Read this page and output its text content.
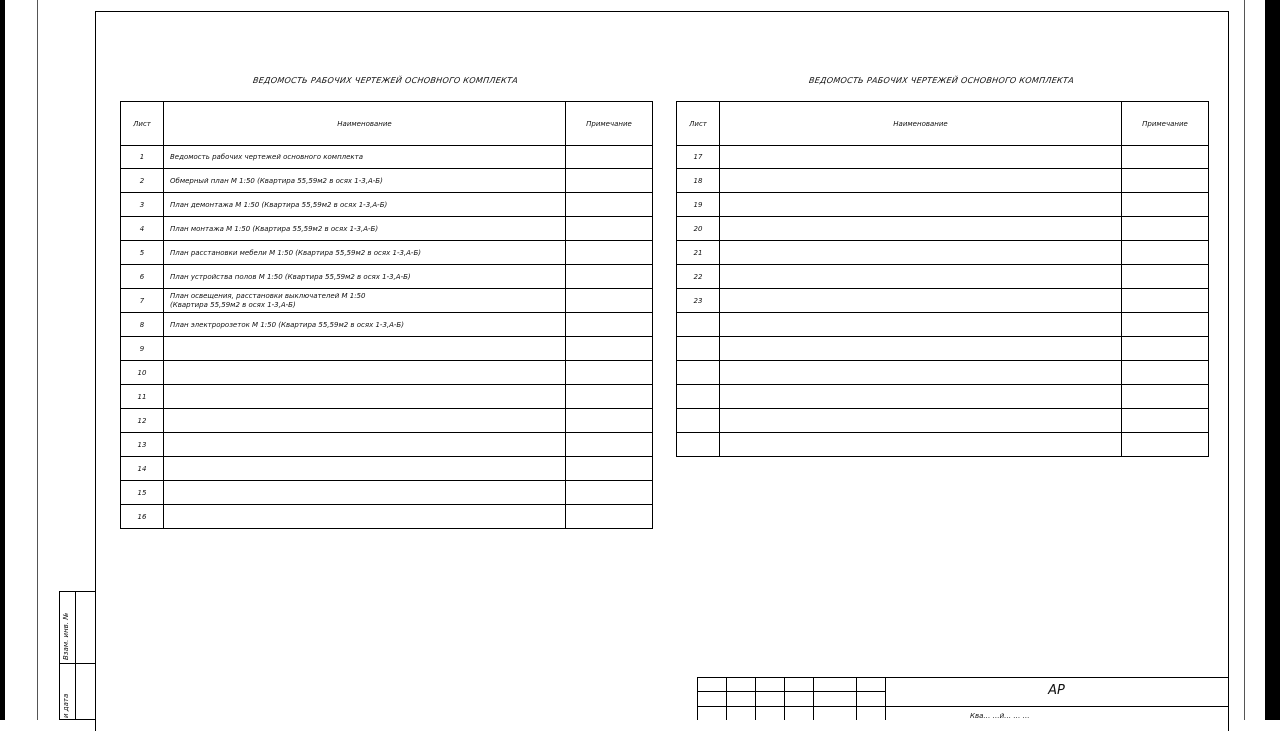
ВЕДОМОСТЬ РАБОЧИХ ЧЕРТЕЖЕЙ ОСНОВНОГО КОМПЛЕКТА
Лист	Наименование	Примечание
1	Ведомость рабочих чертежей основного комплекта	
2	Обмерный план М 1:50 (Квартира 55,59м2 в осях 1-3,А-Б)	
3	План демонтажа М 1:50 (Квартира 55,59м2 в осях 1-3,А-Б)	
4	План монтажа М 1:50 (Квартира 55,59м2 в осях 1-3,А-Б)	
5	План расстановки мебели М 1:50 (Квартира 55,59м2 в осях 1-3,А-Б)	
6	План устройства полов М 1:50 (Квартира 55,59м2 в осях 1-3,А-Б)	
7	План освещения, расстановки выключателей М 1:50
(Квартира 55,59м2 в осях 1-3,А-Б)	

8	План электророзеток М 1:50 (Квартира 55,59м2 в осях 1-3,А-Б)	
9		
10		
11		
12		
13		
14		
15		
16		
ВЕДОМОСТЬ РАБОЧИХ ЧЕРТЕЖЕЙ ОСНОВНОГО КОМПЛЕКТА
Лист	Наименование	Примечание
17		
18		
19		
20		
21		
22		
23		

Взам. инв. №
и дата
АР
Ква… …й… … …
